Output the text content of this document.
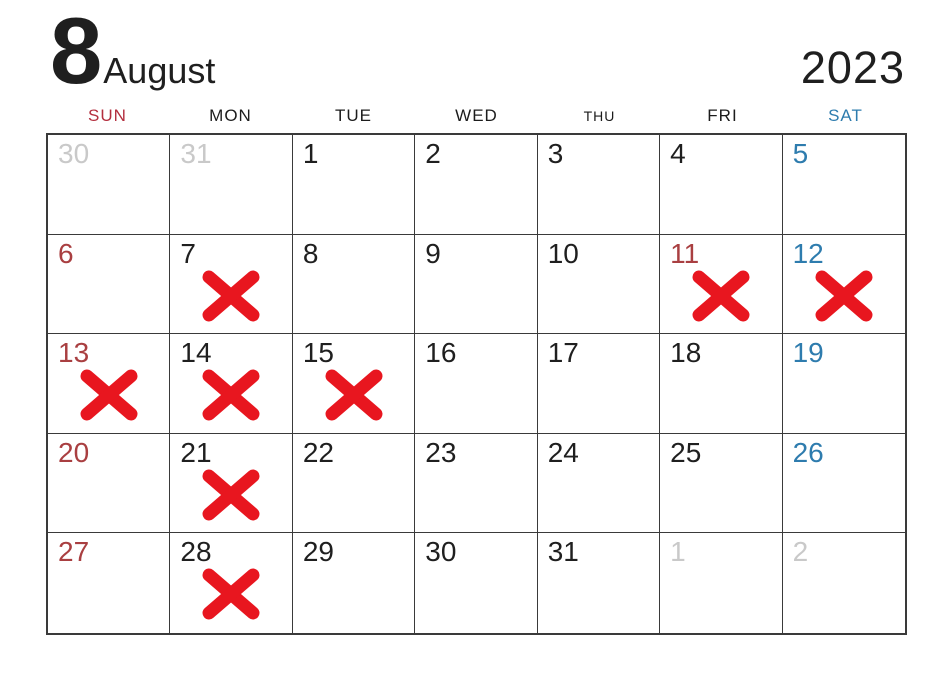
8 August	2023
SUN	MON	TUE	WED	THU	FRI	SAT
30	31	1	2	3	4	5
6	7	8	9	10	11	12
13	14	15	16	17	18	19
20	21	22	23	24	25	26
27	28	29	30	31	1	2
